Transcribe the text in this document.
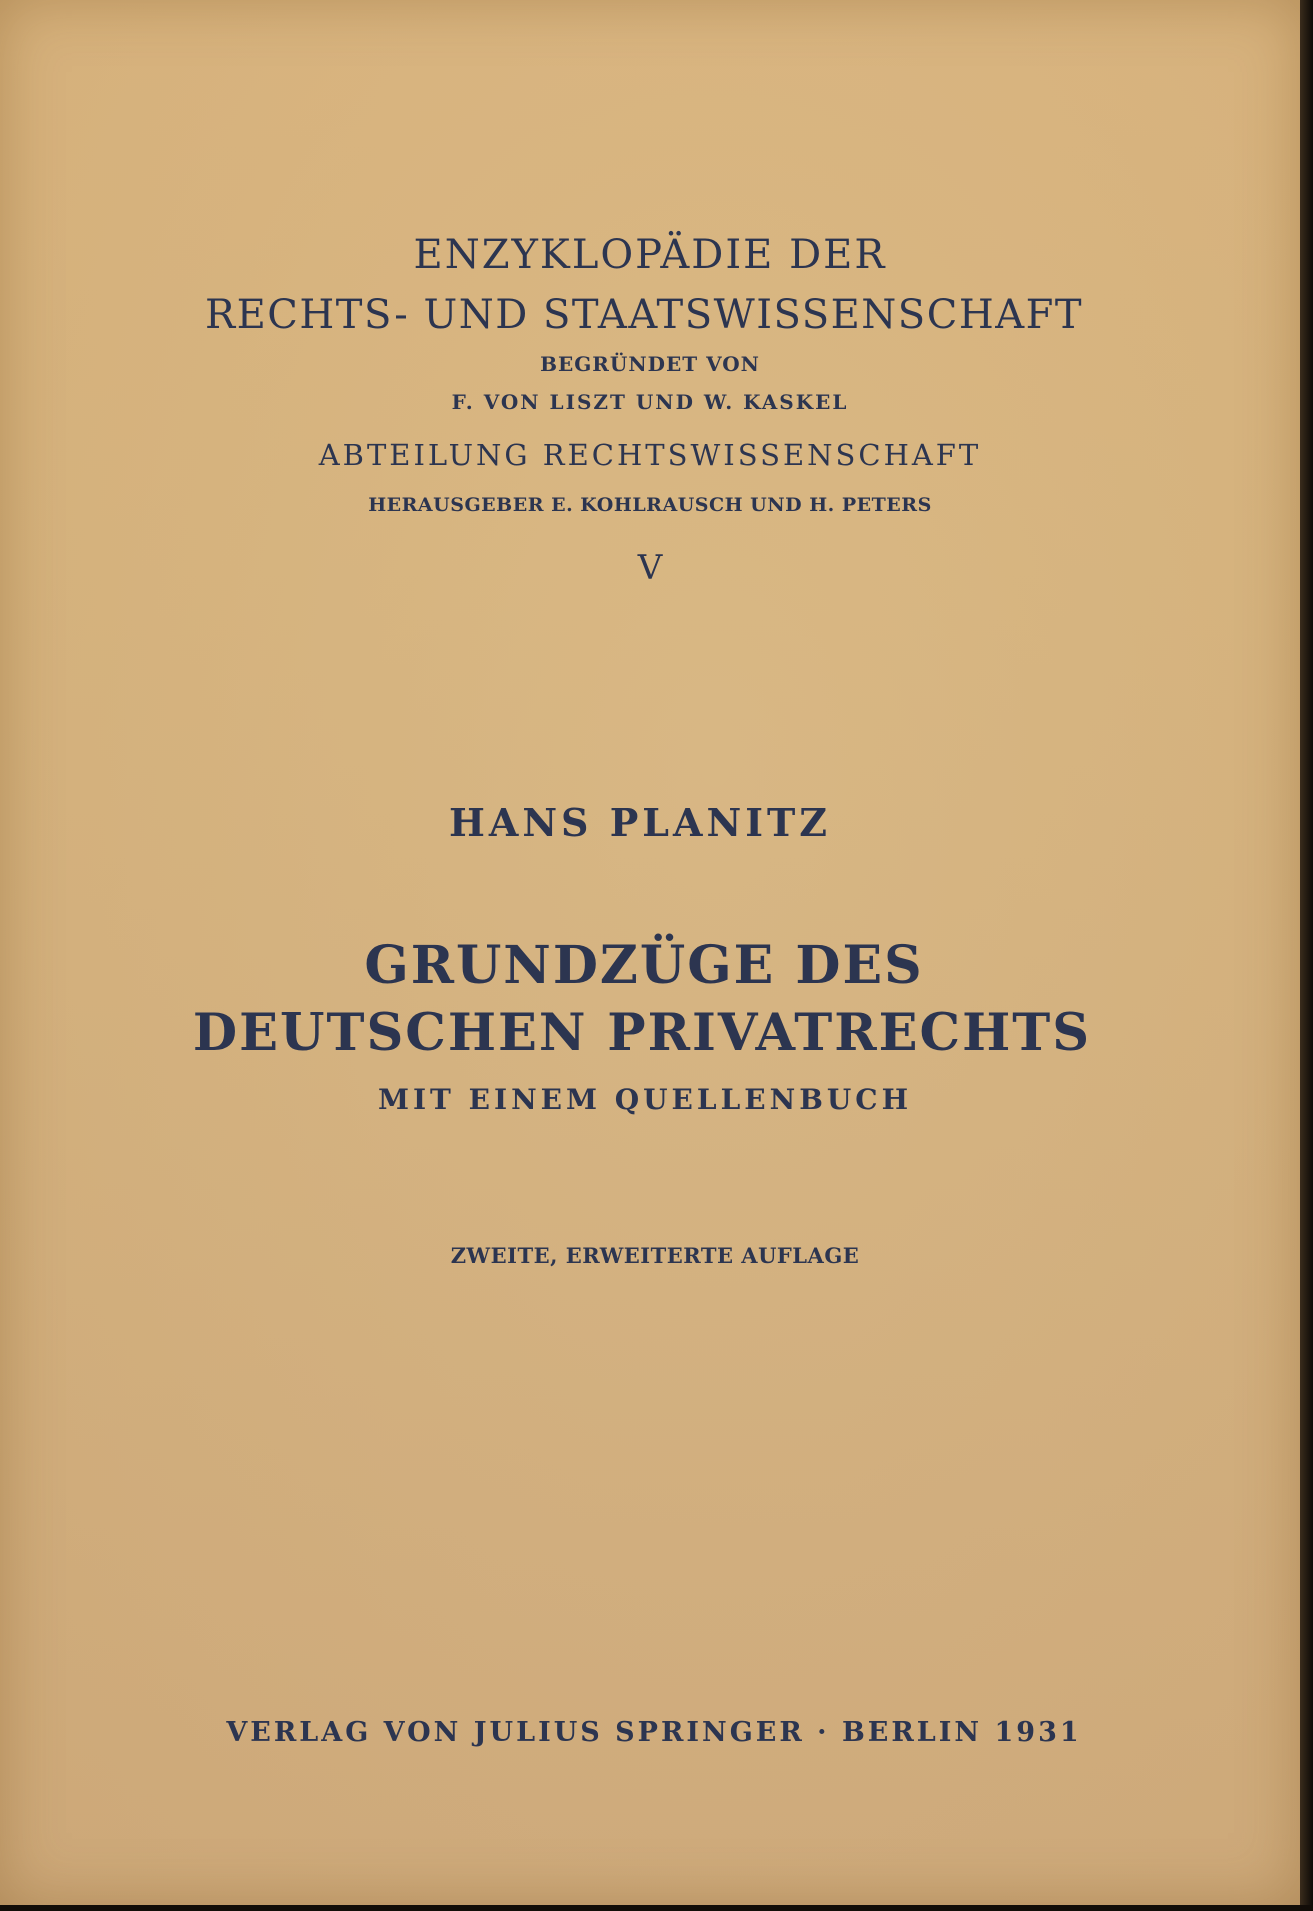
ENZYKLOPÄDIE DER

RECHTS- UND STAATSWISSENSCHAFT

BEGRÜNDET VON

F. VON LISZT UND W. KASKEL

ABTEILUNG RECHTSWISSENSCHAFT

HERAUSGEBER E. KOHLRAUSCH UND H. PETERS

V

HANS PLANITZ

GRUNDZÜGE DES

DEUTSCHEN PRIVATRECHTS

MIT EINEM QUELLENBUCH

ZWEITE, ERWEITERTE AUFLAGE

VERLAG VON JULIUS SPRINGER · BERLIN 1931
